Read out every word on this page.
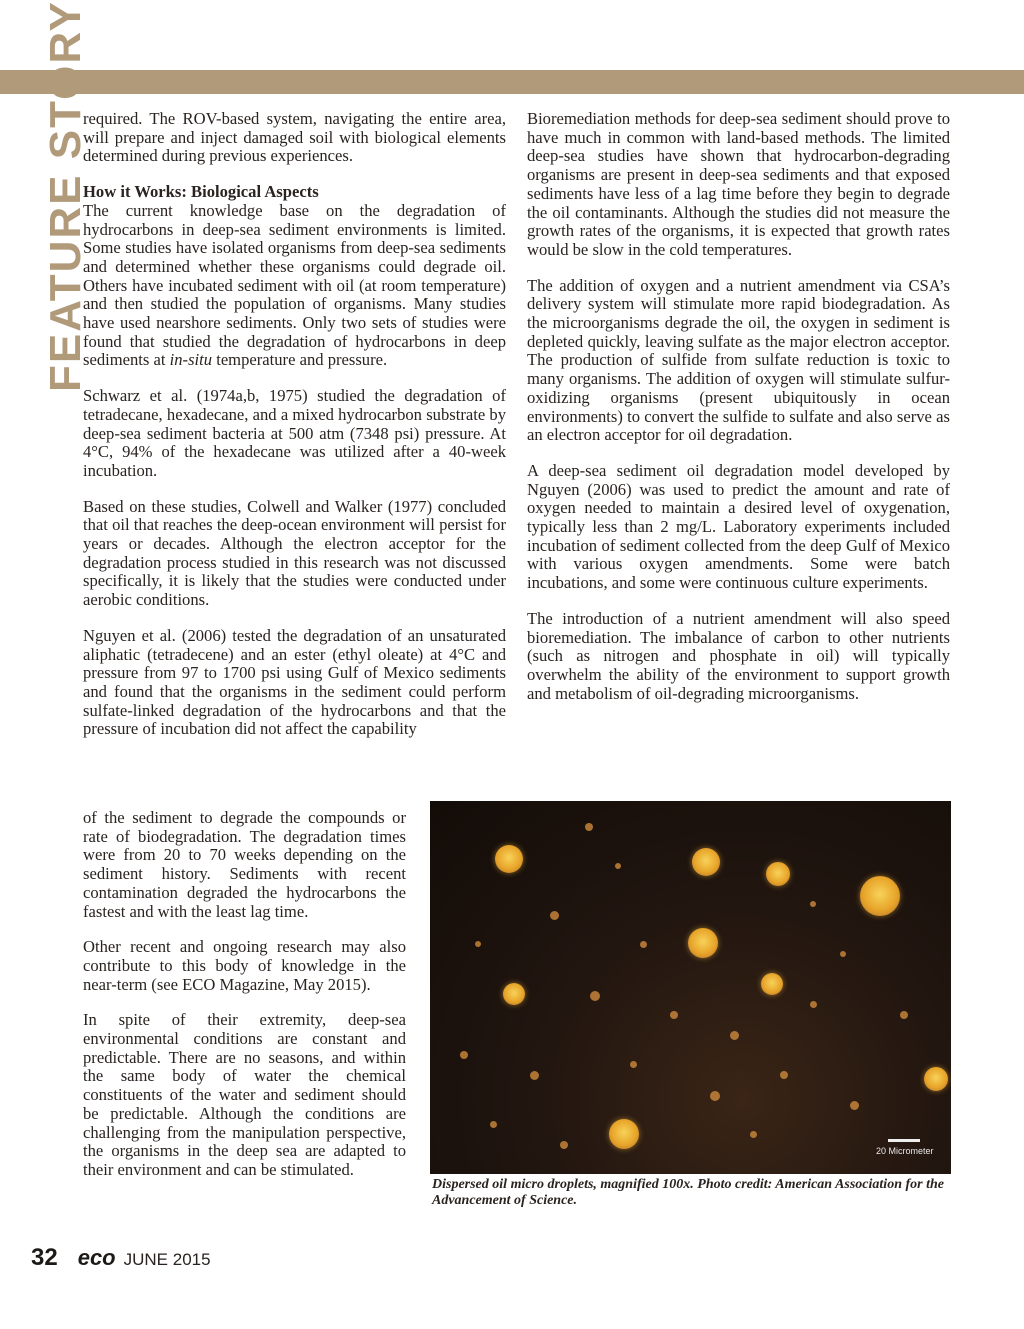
FEATURE STORY

required. The ROV-based system, navigating the entire area, will prepare and inject damaged soil with biological elements determined during previous experiences.

How it Works: Biological Aspects

The current knowledge base on the degradation of hydrocarbons in deep-sea sediment environments is limited. Some studies have isolated organisms from deep-sea sediments and determined whether these organisms could degrade oil. Others have incubated sediment with oil (at room temperature) and then studied the population of organisms. Many studies have used nearshore sediments. Only two sets of studies were found that studied the degradation of hydrocarbons in deep sediments at in-situ temperature and pressure.

Schwarz et al. (1974a,b, 1975) studied the degradation of tetradecane, hexadecane, and a mixed hydrocarbon substrate by deep-sea sediment bacteria at 500 atm (7348 psi) pressure. At 4°C, 94% of the hexadecane was utilized after a 40-week incubation.

Based on these studies, Colwell and Walker (1977) concluded that oil that reaches the deep-ocean environment will persist for years or decades. Although the electron acceptor for the degradation process studied in this research was not discussed specifically, it is likely that the studies were conducted under aerobic conditions.

Nguyen et al. (2006) tested the degradation of an unsaturated aliphatic (tetradecene) and an ester (ethyl oleate) at 4°C and pressure from 97 to 1700 psi using Gulf of Mexico sediments and found that the organisms in the sediment could perform sulfate-linked degradation of the hydrocarbons and that the pressure of incubation did not affect the capability

of the sediment to degrade the compounds or rate of biodegradation. The degradation times were from 20 to 70 weeks depending on the sediment history. Sediments with recent contamination degraded the hydrocarbons the fastest and with the least lag time.

Other recent and ongoing research may also contribute to this body of knowledge in the near-term (see ECO Magazine, May 2015).

In spite of their extremity, deep-sea environmental conditions are constant and predictable. There are no seasons, and within the same body of water the chemical constituents of the water and sediment should be predictable. Although the conditions are challenging from the manipulation perspective, the organisms in the deep sea are adapted to their environment and can be stimulated.

Bioremediation methods for deep-sea sediment should prove to have much in common with land-based methods. The limited deep-sea studies have shown that hydrocarbon-degrading organisms are present in deep-sea sediments and that exposed sediments have less of a lag time before they begin to degrade the oil contaminants. Although the studies did not measure the growth rates of the organisms, it is expected that growth rates would be slow in the cold temperatures.

The addition of oxygen and a nutrient amendment via CSA’s delivery system will stimulate more rapid biodegradation. As the microorganisms degrade the oil, the oxygen in sediment is depleted quickly, leaving sulfate as the major electron acceptor. The production of sulfide from sulfate reduction is toxic to many organisms. The addition of oxygen will stimulate sulfur-oxidizing organisms (present ubiquitously in ocean environments) to convert the sulfide to sulfate and also serve as an electron acceptor for oil degradation.

A deep-sea sediment oil degradation model developed by Nguyen (2006) was used to predict the amount and rate of oxygen needed to maintain a desired level of oxygenation, typically less than 2 mg/L. Laboratory experiments included incubation of sediment collected from the deep Gulf of Mexico with various oxygen amendments. Some were batch incubations, and some were continuous culture experiments.

The introduction of a nutrient amendment will also speed bioremediation. The imbalance of carbon to other nutrients (such as nitrogen and phosphate in oil) will typically overwhelm the ability of the environment to support growth and metabolism of oil-degrading microorganisms.

20 Micrometer
Dispersed oil micro droplets, magnified 100x. Photo credit: American Association for the Advancement of Science.
32 eco JUNE 2015
